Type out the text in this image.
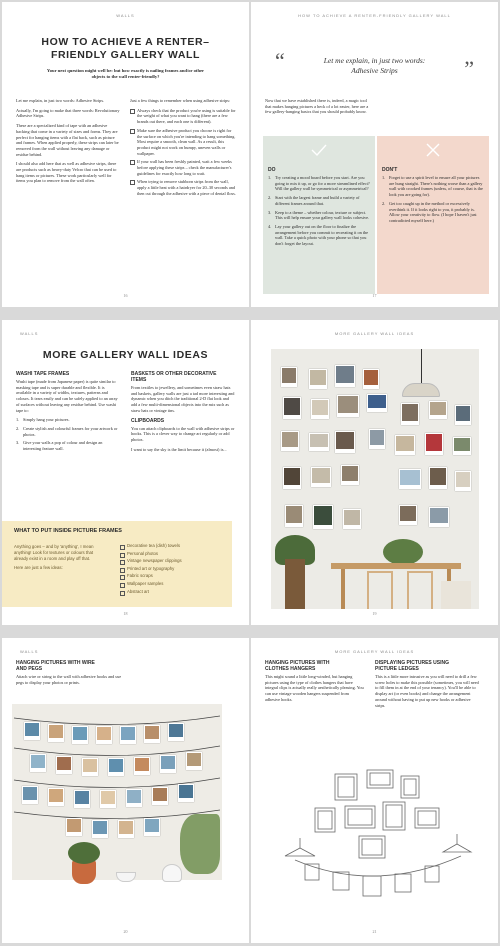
WALLS
HOW TO ACHIEVE A RENTER–
FRIENDLY GALLERY WALL
Your next question might well be: but how exactly is nailing frames and/or other
objects to the wall renter-friendly?

Let me explain, in just two words: Adhesive Strips.

Actually, I'm going to make that three words: Revolutionary Adhesive Strips.

These are a specialized kind of tape with an adhesive backing that come in a variety of sizes and forms. They are perfect for hanging items with a flat back, such as picture and frames. When applied properly, these strips can later be removed from the wall without leaving any damage or residue behind.

I should also add here that as well as adhesive strips, there are products such as heavy-duty Velcro that can be used to hang items or pictures. These work particularly well for items you plan to remove from the wall often.

Just a few things to remember when using adhesive strips:

Always check that the product you're using is suitable for the weight of what you want to hang (there are a few brands out there, and each one is different).
Make sure the adhesive product you choose is right for the surface on which you're intending to hang something. Most require a smooth, clean wall. As a result, this product might not work on bumpy, uneven walls or wallpaper.
If your wall has been freshly painted, wait a few weeks before applying these strips – check the manufacturer's guidelines for exactly how long to wait.
When trying to remove stubborn strips from the wall, apply a little heat with a hairdryer for 20–30 seconds and then cut through the adhesive with a piece of dental floss.
16
HOW TO ACHIEVE A RENTER-FRIENDLY GALLERY WALL
“	Let me explain, in just two words:
Adhesive Strips	”
Now that we have established there is, indeed, a magic tool that makes hanging pictures a heck of a lot easier, here are a few gallery-hanging basics that you should probably know.
DO
1. Try creating a mood board before you start. Are you going to mix it up, or go for a more streamlined effect? Will the gallery wall be symmetrical or asymmetrical?
2. Start with the largest frame and build a variety of different frames around that.
3. Keep to a theme – whether colour, texture or subject. This will help ensure your gallery wall looks cohesive.
4. Lay your gallery out on the floor to finalize the arrangement before you commit to recreating it on the wall. Take a quick photo with your phone so that you don't forget the layout.
DON'T
1. Forget to use a spirit level to ensure all your pictures are hung straight. There's nothing worse than a gallery wall with crooked frames (unless, of course, that is the look you are going for).
2. Get too caught up in the method or excessively overthink it. If it looks right to you, it probably is. Allow your creativity to flow. (I hope I haven't just contradicted myself here.)
17
WALLS
MORE GALLERY WALL IDEAS
WASHI TAPE FRAMES

Washi tape (made from Japanese paper) is quite similar to masking tape and is super durable and flexible. It is available in a variety of widths, textures, patterns and colours. It tears easily and can be safely applied to an array of surfaces without leaving any residue behind. Use washi tape to:

1. Simply hang your pictures.
2. Create stylish and colourful frames for your artwork or photos.
3. Give your walls a pop of colour and design an interesting feature wall.
BASKETS OR OTHER DECORATIVE
ITEMS

From textiles to jewellery, and sometimes even straw hats and baskets, gallery walls are just a tad more interesting and dynamic when you ditch the traditional 2-D flat look and add a few multi-dimensional objects into the mix such as straw hats or vintage tins.

CLIPBOARDS

You can attach clipboards to the wall with adhesive strips or hooks. This is a clever way to change art regularly or add photos.

I want to say the sky is the limit because it (almost) is...

WHAT TO PUT INSIDE PICTURE FRAMES

Anything goes – and by 'anything', I mean anything! Look for textures or colours that already exist in a room and play off that.

Here are just a few ideas:

Decorative tea (dish) towels
Personal photos
Vintage newspaper clippings
Printed art or typography
Fabric scraps
Wallpaper samples
Abstract art
18
MORE GALLERY WALL IDEAS
19
WALLS
HANGING PICTURES WITH WIRE
AND PEGS

Attach wire or string to the wall with adhesive hooks and use pegs to display your photos or prints.

20
MORE GALLERY WALL IDEAS
HANGING PICTURES WITH
CLOTHES HANGERS

This might sound a little long-winded, but hanging pictures using the type of clothes hangers that have integral clips is actually really aesthetically pleasing. You can use vintage wooden hangers suspended from adhesive hooks.

DISPLAYING PICTURES USING
PICTURE LEDGES

This is a little more intrusive as you will need to drill a few screw holes to make this possible (sometimes, you will need to fill them in at the end of your tenancy). You'll be able to display art (or even books) and change the arrangement around without having to put up new hooks or adhesive strips.

21
